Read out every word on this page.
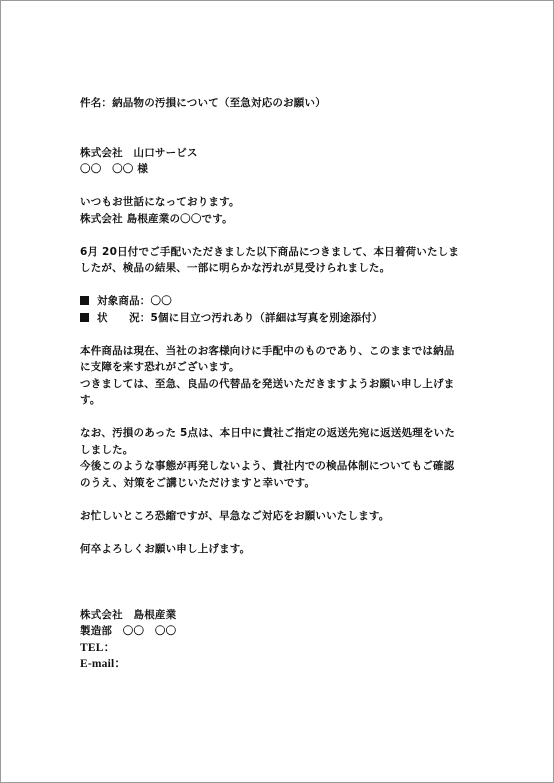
件名：納品物の汚損について（至急対応のお願い）
株式会社　山口サービス
〇〇　〇〇 様
いつもお世話になっております。
株式会社 島根産業の〇〇です。
6月 20日付でご手配いただきました以下商品につきまして、本日着荷いたしま
したが、検品の結果、一部に明らかな汚れが見受けられました。
対象商品：〇〇
状　　況：5個に目立つ汚れあり（詳細は写真を別途添付）
本件商品は現在、当社のお客様向けに手配中のものであり、このままでは納品
に支障を来す恐れがございます。
つきましては、至急、良品の代替品を発送いただきますようお願い申し上げま
す。
なお、汚損のあった 5点は、本日中に貴社ご指定の返送先宛に返送処理をいた
しました。
今後このような事態が再発しないよう、貴社内での検品体制についてもご確認
のうえ、対策をご講じいただけますと幸いです。
お忙しいところ恐縮ですが、早急なご対応をお願いいたします。
何卒よろしくお願い申し上げます。
株式会社　島根産業
製造部　〇〇　〇〇
TEL：
E-mail：
